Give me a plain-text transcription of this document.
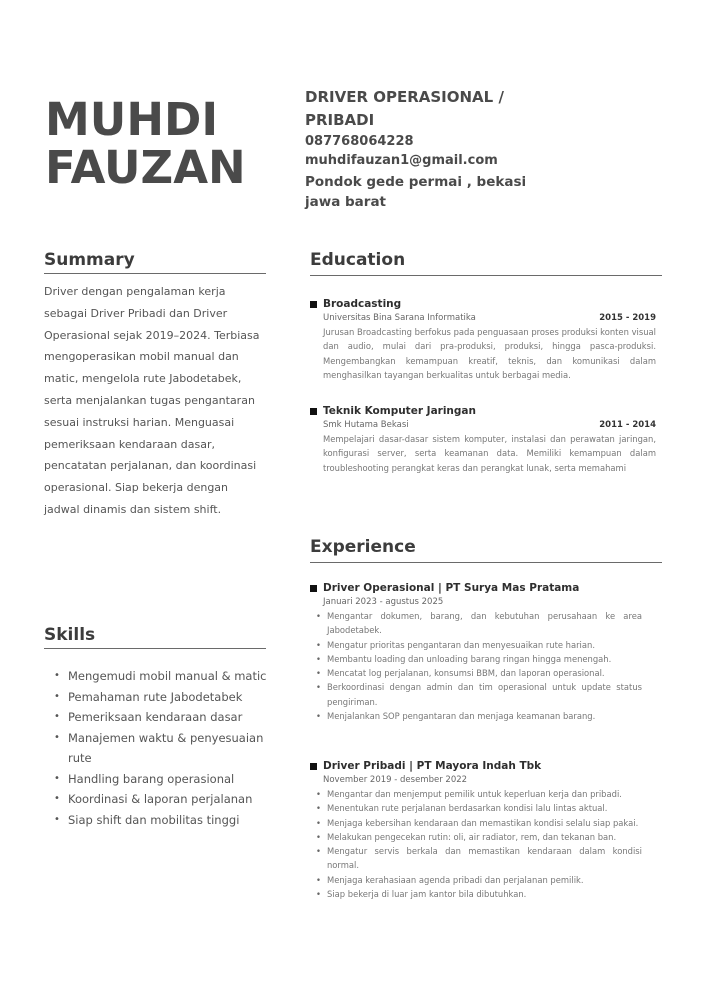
MUHDI
FAUZAN
DRIVER OPERASIONAL / PRIBADI
087768064228
muhdifauzan1@gmail.com
Pondok gede permai , bekasi jawa barat
Summary
Driver dengan pengalaman kerja sebagai Driver Pribadi dan Driver Operasional sejak 2019–2024. Terbiasa mengoperasikan mobil manual dan matic, mengelola rute Jabodetabek, serta menjalankan tugas pengantaran sesuai instruksi harian. Menguasai pemeriksaan kendaraan dasar, pencatatan perjalanan, dan koordinasi operasional. Siap bekerja dengan jadwal dinamis dan sistem shift.
Skills
• Mengemudi mobil manual & matic
• Pemahaman rute Jabodetabek
• Pemeriksaan kendaraan dasar
• Manajemen waktu & penyesuaian rute
• Handling barang operasional
• Koordinasi & laporan perjalanan
• Siap shift dan mobilitas tinggi
Education
Broadcasting
Universitas Bina Sarana Informatika	2015 - 2019
Jurusan Broadcasting berfokus pada penguasaan proses produksi konten visual dan audio, mulai dari pra-produksi, produksi, hingga pasca-produksi. Mengembangkan kemampuan kreatif, teknis, dan komunikasi dalam menghasilkan tayangan berkualitas untuk berbagai media.
Teknik Komputer Jaringan
Smk Hutama Bekasi	2011 - 2014
Mempelajari dasar-dasar sistem komputer, instalasi dan perawatan jaringan, konfigurasi server, serta keamanan data. Memiliki kemampuan dalam troubleshooting perangkat keras dan perangkat lunak, serta memahami
Experience
Driver Operasional | PT Surya Mas Pratama
Januari 2023 - agustus 2025
• Mengantar dokumen, barang, dan kebutuhan perusahaan ke area Jabodetabek.
• Mengatur prioritas pengantaran dan menyesuaikan rute harian.
• Membantu loading dan unloading barang ringan hingga menengah.
• Mencatat log perjalanan, konsumsi BBM, dan laporan operasional.
• Berkoordinasi dengan admin dan tim operasional untuk update status pengiriman.
• Menjalankan SOP pengantaran dan menjaga keamanan barang.
Driver Pribadi | PT Mayora Indah Tbk
November 2019 - desember 2022
• Mengantar dan menjemput pemilik untuk keperluan kerja dan pribadi.
• Menentukan rute perjalanan berdasarkan kondisi lalu lintas aktual.
• Menjaga kebersihan kendaraan dan memastikan kondisi selalu siap pakai.
• Melakukan pengecekan rutin: oli, air radiator, rem, dan tekanan ban.
• Mengatur servis berkala dan memastikan kendaraan dalam kondisi normal.
• Menjaga kerahasiaan agenda pribadi dan perjalanan pemilik.
• Siap bekerja di luar jam kantor bila dibutuhkan.
